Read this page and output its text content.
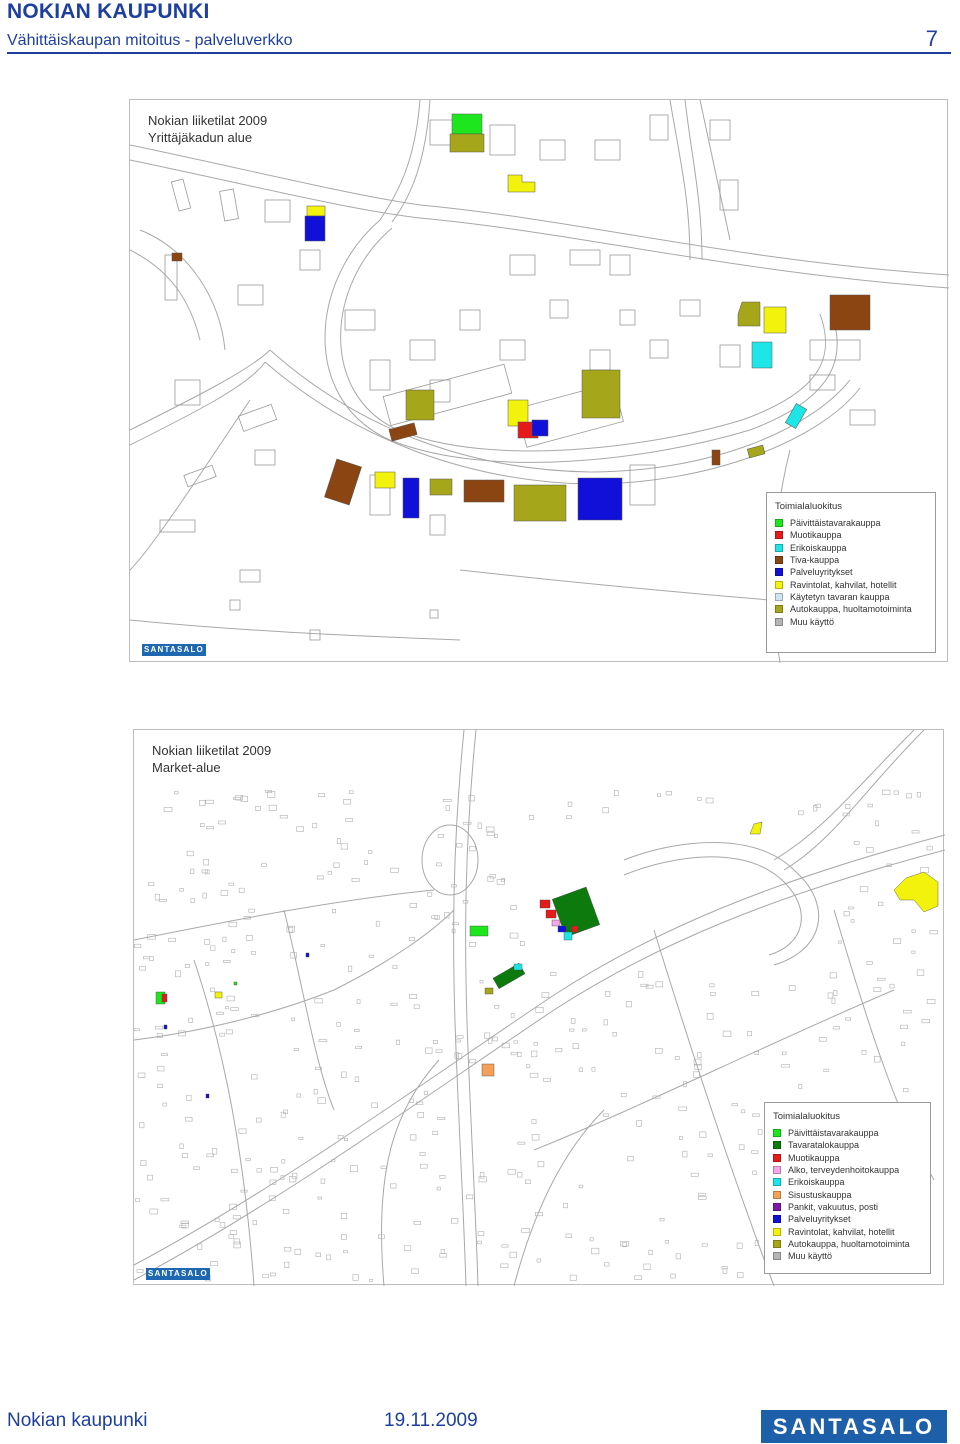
NOKIAN KAUPUNKI
Vähittäiskaupan mitoitus - palveluverkko	7
Nokian liiketilat 2009
Yrittäjäkadun alue
Toimialaluokitus
Päivittäistavarakauppa
Muotikauppa
Erikoiskauppa
Tiva-kauppa
Palveluyritykset
Ravintolat, kahvilat, hotellit
Käytetyn tavaran kauppa
Autokauppa, huoltamotoiminta
Muu käyttö
SANTASALO
Nokian liiketilat 2009
Market-alue
Toimialaluokitus
Päivittäistavarakauppa
Tavaratalokauppa
Muotikauppa
Alko, terveydenhoitokauppa
Erikoiskauppa
Sisustuskauppa
Pankit, vakuutus, posti
Palveluyritykset
Ravintolat, kahvilat, hotellit
Autokauppa, huoltamotoiminta
Muu käyttö
SANTASALO
Nokian kaupunki	19.11.2009	SANTASALO
